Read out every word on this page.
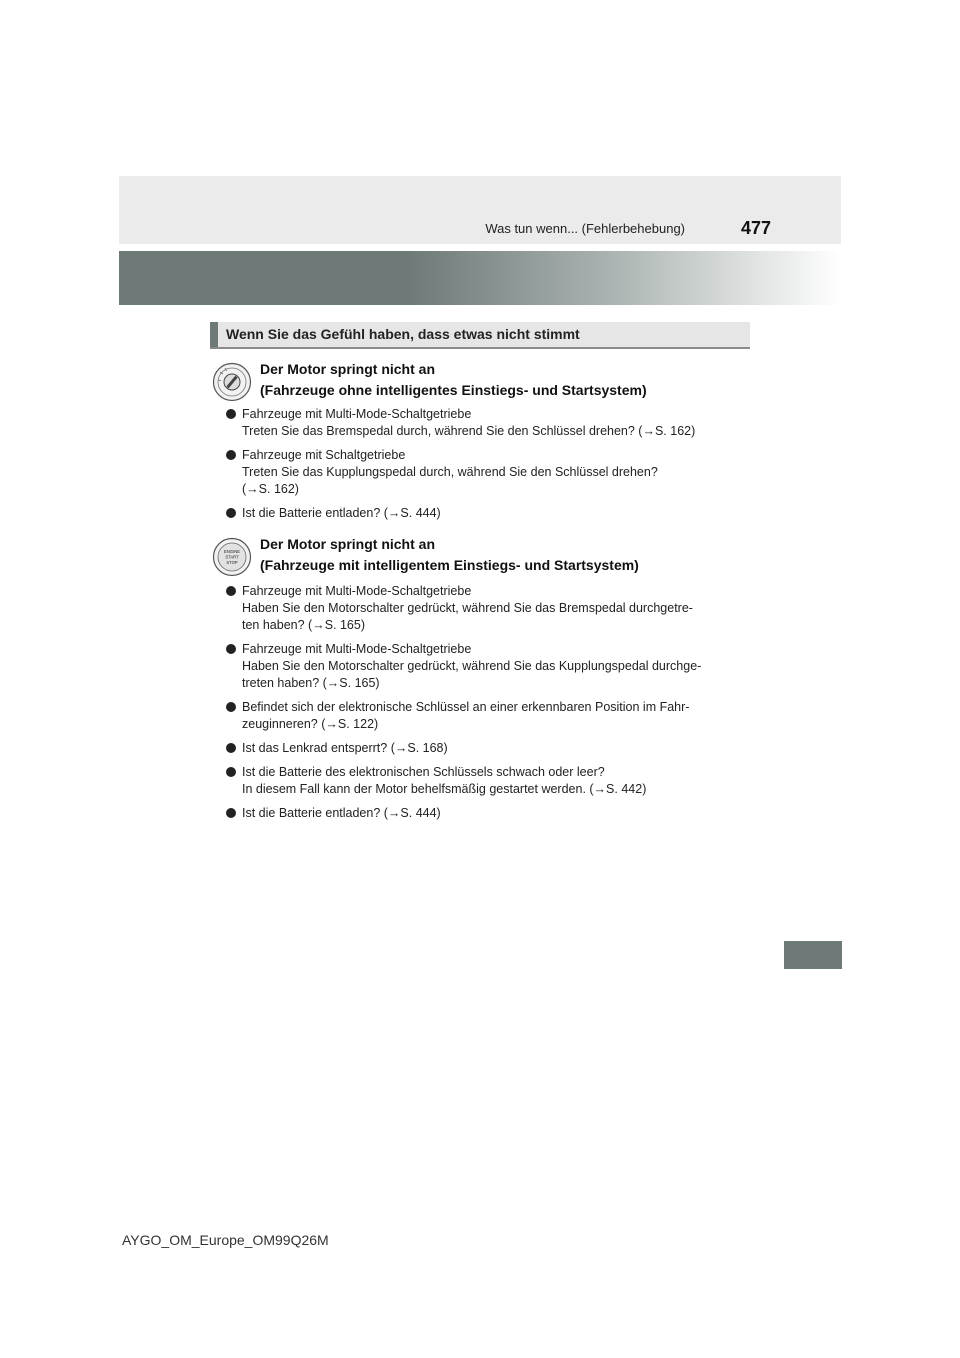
Was tun wenn... (Fehlerbehebung)	477
Wenn Sie das Gefühl haben, dass etwas nicht stimmt
Der Motor springt nicht an
(Fahrzeuge ohne intelligentes Einstiegs- und Startsystem)
Fahrzeuge mit Multi-Mode-Schaltgetriebe
Treten Sie das Bremspedal durch, während Sie den Schlüssel drehen? (→S. 162)
Fahrzeuge mit Schaltgetriebe
Treten Sie das Kupplungspedal durch, während Sie den Schlüssel drehen?
(→S. 162)
Ist die Batterie entladen? (→S. 444)
ENGINE
START
STOP
Der Motor springt nicht an
(Fahrzeuge mit intelligentem Einstiegs- und Startsystem)
Fahrzeuge mit Multi-Mode-Schaltgetriebe
Haben Sie den Motorschalter gedrückt, während Sie das Bremspedal durchgetre-
ten haben? (→S. 165)
Fahrzeuge mit Multi-Mode-Schaltgetriebe
Haben Sie den Motorschalter gedrückt, während Sie das Kupplungspedal durchge-
treten haben? (→S. 165)
Befindet sich der elektronische Schlüssel an einer erkennbaren Position im Fahr-
zeuginneren? (→S. 122)
Ist das Lenkrad entsperrt? (→S. 168)
Ist die Batterie des elektronischen Schlüssels schwach oder leer?
In diesem Fall kann der Motor behelfsmäßig gestartet werden. (→S. 442)
Ist die Batterie entladen? (→S. 444)
AYGO_OM_Europe_OM99Q26M
